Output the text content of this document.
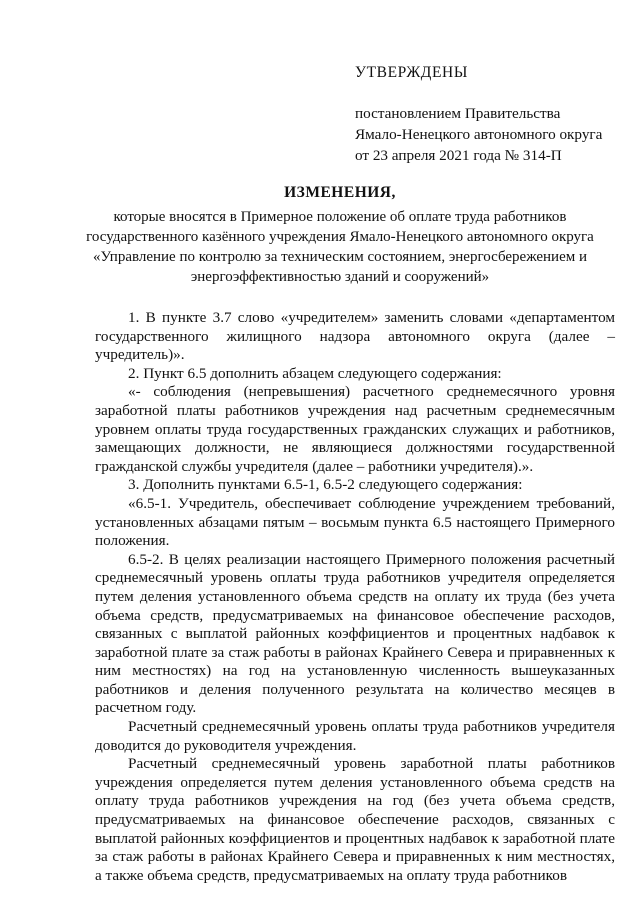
УТВЕРЖДЕНЫ
постановлением Правительства
Ямало-Ненецкого автономного округа
от 23 апреля 2021 года № 314-П
ИЗМЕНЕНИЯ,
которые вносятся в Примерное положение об оплате труда работников
государственного казённого учреждения Ямало-Ненецкого автономного округа
«Управление по контролю за техническим состоянием, энергосбережением и
энергоэффективностью зданий и сооружений»

1. В пункте 3.7 слово «учредителем» заменить словами «департаментом государственного жилищного надзора автономного округа (далее – учредитель)».

2. Пункт 6.5 дополнить абзацем следующего содержания:

«- соблюдения (непревышения) расчетного среднемесячного уровня заработной платы работников учреждения над расчетным среднемесячным уровнем оплаты труда государственных гражданских служащих и работников, замещающих должности, не являющиеся должностями государственной гражданской службы учредителя (далее – работники учредителя).».

3. Дополнить пунктами 6.5-1, 6.5-2 следующего содержания:

«6.5-1. Учредитель, обеспечивает соблюдение учреждением требований, установленных абзацами пятым – восьмым пункта 6.5 настоящего Примерного положения.

6.5-2. В целях реализации настоящего Примерного положения расчетный среднемесячный уровень оплаты труда работников учредителя определяется путем деления установленного объема средств на оплату их труда (без учета объема средств, предусматриваемых на финансовое обеспечение расходов, связанных с выплатой районных коэффициентов и процентных надбавок к заработной плате за стаж работы в районах Крайнего Севера и приравненных к ним местностях) на год на установленную численность вышеуказанных работников и деления полученного результата на количество месяцев в расчетном году.

Расчетный среднемесячный уровень оплаты труда работников учредителя доводится до руководителя учреждения.

Расчетный среднемесячный уровень заработной платы работников учреждения определяется путем деления установленного объема средств на оплату труда работников учреждения на год (без учета объема средств, предусматриваемых на финансовое обеспечение расходов, связанных с выплатой районных коэффициентов и процентных надбавок к заработной плате за стаж работы в районах Крайнего Севера и приравненных к ним местностях, а также объема средств, предусматриваемых на оплату труда работников
